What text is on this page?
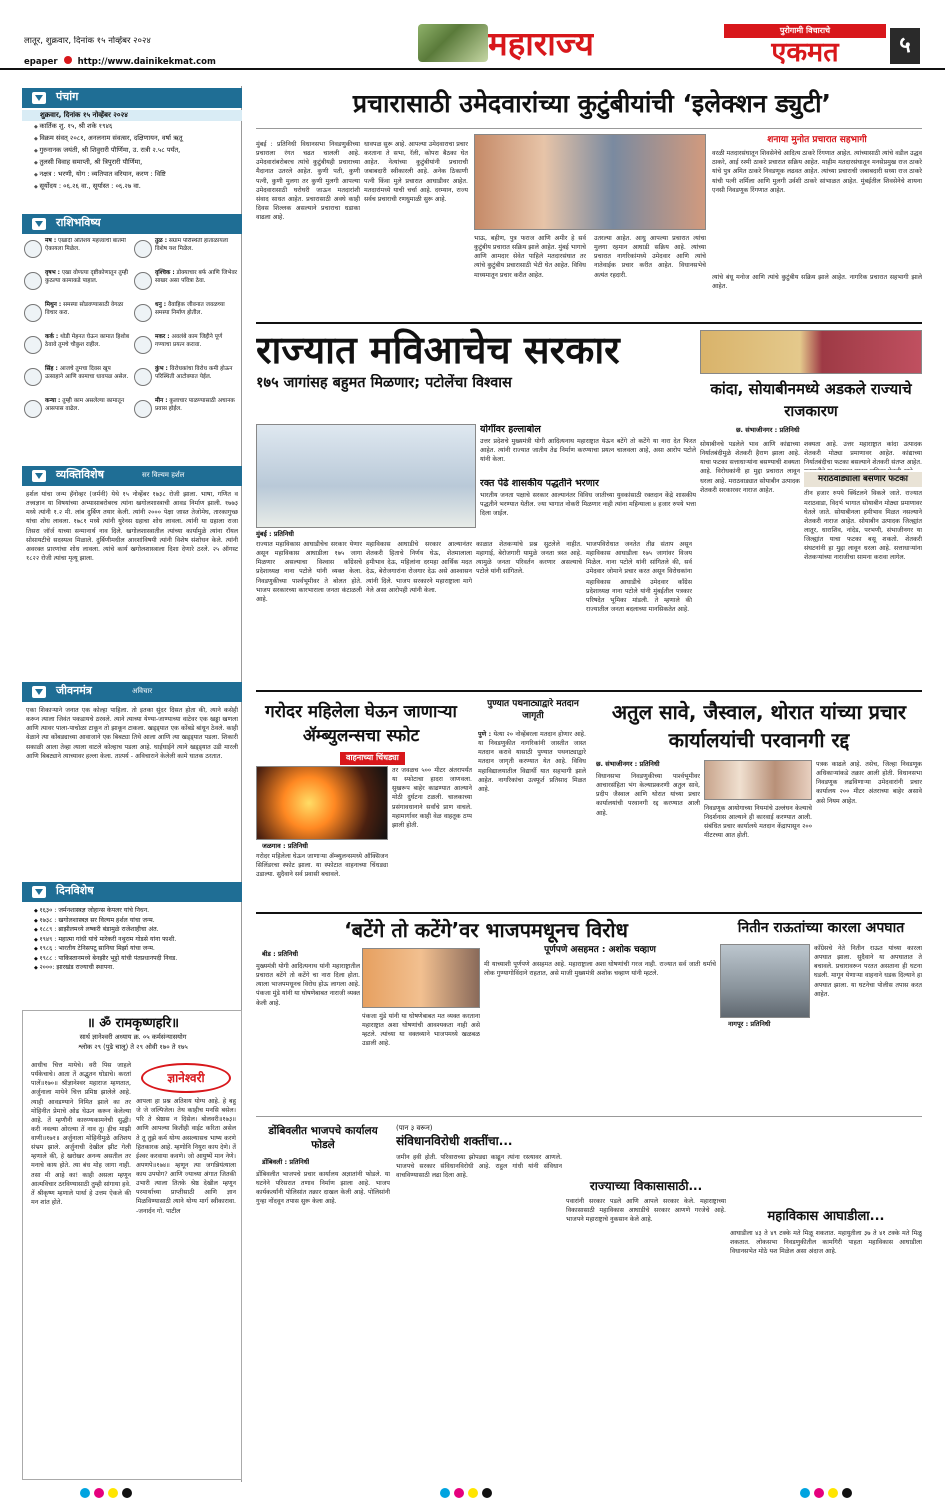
लातूर, शुक्रवार, दिनांक १५ नोव्हेंबर २०२४
epaper http://www.dainikekmat.com	महाराज्य	पुरोगामी विचाराचे
एकमत	५
पंचांग
शुक्रवार, दिनांक १५ नोव्हेंबर २०२४
◆ कार्तिक शु. १५, श्री शके १९४६
◆ विक्रम संवत् २०८१, अनलनाम संवत्सर, दक्षिणायन, वर्षा ऋतू
◆ गुरुनानक जयंती, श्री शिवुरारी पौर्णिमा, उ. रात्री २.५८ पर्यंत,
◆ तुलसी विवाह समाप्ती, श्री त्रिपुरारी पौर्णिमा,
◆ नक्षत्र : भरणी, योग : व्यतिपात वरियान, करण : विष्टि
◆ सूर्योदय : ०६.२६ वा., सूर्यास्त : ०६.२७ वा.
राशिभविष्य
मेष : एखादी अतिशय महत्त्वाची बातमी ऐकायला मिळेल.
तुळ : संग्राम परिस्थिती हाताळायला विशेष यश मिळेल.
वृषभ : एखा वोणत्या दृष्टीकोणातून तुम्ही कुठल्या कामाकडे पाहाल.
वृश्चिक : डोक्याचार बर्फ आणि जिभेवर साखर असा पवित्रा ठेवा.
मिथुन : समस्या सोडवण्यासाठी वेगळा विचार करा.
धनु : वैवाहिक जीवनात जवळच्या समस्या निर्माण होतील.
कर्क : थोडी मेहनत घेऊन कामात हिशोब ठेवावे तुमचे चौकुश राहील.
मकर : अवलंबे काम जिद्दीने पूर्ण गण्याचा प्रयत्न करावा.
सिंह : आजचे तुमचा दिवस खूप उत्साहाने आणि कामाचा धावपळ असेल.
कुंभ : विरोधकांचा विरोध कमी होऊन परिस्थिती आटोक्यात येईल.
कन्या : तुम्ही काम असलेल्या कामातून आसपास वाढेल.
मीन : कुलाचार पाळण्यासाठी अचानक प्रवास होईल.
व्यक्तिविशेष	सर विल्यम हर्शल
हर्शल यांचा जन्म हॅनोव्हर (जर्मनी) येथे १५ नोव्हेंबर १७३८ रोजी झाला. भाषा, गणित व तत्त्वज्ञान या विषयांच्या अभ्यासाबरोबरच त्यांना खगोलशास्त्राची आवड निर्माण झाली. १७७३ मध्ये त्यांनी १.२ मी. लांब दुर्बिण तयार केली. त्यांनी २००० पेक्षा जास्त तेजोमेघ, तारकागुच्छ यांचा शोध लावला. १७८१ मध्ये त्यांनी युरेनस ग्रहाचा शोध लावला. त्यांनी या ग्रहाला राजा तिसरा जॉर्ज याच्या सन्मानार्थ नाव दिले. खगोलशास्त्रातील त्यांच्या कार्यामुळे त्यांना रॉयल सोसायटीचे सदस्यत्व मिळाले. दुर्बिणीमधील आरशांविषयी त्यांनी विशेष संशोधन केले. त्यांनी अवरक्त प्रारणांचा शोध लावला. त्यांचे कार्य खगोलशास्त्राला दिशा देणारे ठरले. २५ ऑगस्ट १८२२ रोजी त्यांचा मृत्यू झाला.
जीवनमंत्र	अविचार
एका शिकाऱ्याने जनात एक कोल्हा पाहिला. तो इतका सुंदर दिसत होता की, त्याने कसेही करून त्याला जिवंत पकडायचे ठरवले. त्याने त्याच्या येण्या-जाण्याच्या वाटेवर एक खड्डा खणला आणि त्यावर पाला-पाचोळा टाकून तो झाकून टाकला. खड्ड्यात एक कोंबडे बांधून ठेवले. काही वेळाने त्या कोंबड्याच्या आवाजाने एक बिबट्या तिथे आला आणि त्या खड्ड्यात पडला. शिकारी सकाळी आला तेव्हा त्याला वाटले कोल्हाच पडला आहे. घाईघाईने त्याने खड्ड्यात उडी मारली आणि बिबट्याने त्याच्यावर हल्ला केला. तात्पर्य - अविचाराने केलेली कामे घातक ठरतात.
दिनविशेष
◆ १६३० : जर्मनशास्त्रज्ञ जोहान्स केपलर यांचे निधन.
◆ १७३८ : खगोलशास्त्रज्ञ सर विल्यम हर्शल यांचा जन्म.
◆ १८८९ : ब्राझीलमध्ये लष्करी बंडामुळे राजेशाहीचा अंत.
◆ १९४९ : महात्मा गांधी यांचे मारेकरी नथुराम गोडसे यांना फाशी.
◆ १९८६ : भारतीय टेनिसपटू सानिया मिर्झा यांचा जन्म.
◆ १९८८ : पाकिस्तानमध्ये बेनझीर भुट्टो यांची पंतप्रधानपदी निवड.
◆ २०००: झारखंड राज्याची स्थापना.
॥ ॐ रामकृष्णहरि॥
सार्थ ज्ञानेश्वरी अध्याय क्र. ०५ कर्मसंन्यासयोग
श्लोक २९ (पुढे चालू) ते २९ ओवी १७० ते १७५
आधीच चित्त मायेचे। वरी पिस जाहले पर्यंकेचाचे। आता तें अद्भुतन घोडाचे। करतां पालें॥१७०॥ श्रीज्ञानेश्वर महाराज म्हणतात, अर्जुनाला मायेने चित्त प्रमिष्ठ झालेले आहे. त्याही आवडण्याने निमित झाले का तर मोहिनीत प्रेमाचे ओढ घेऊन करून केलेल्या आहे. तें म्हणौनी कारुण्यकामनेची सुद्धी। करी नवल्या ओरल्या तें नाव तू। हीच माझी वाणी॥१७१॥ अर्जुनाला मोहिनीमुळे अतिशय संभ्रम झाले. अर्जुनाची देखील झीट गेली म्हणाले की, हे खरोखर अनन्य असतील तर मनाचे काय होते. त्या बंध मोह जागा नाही. तसा मी आहे का! काही असला म्हणून आत्मविचार ठरविण्यासाठी तुम्ही सांगाया हवे. तें श्रीकृष्ण म्हणाले पार्था हे उत्तम ऐकले की मन शांत होते.
ज्ञानेश्वरी
आपला हा प्रश्न अतिशय योग्य आहे. हे बहु जे जे जल्पिजेल। तेथ काहीच मनसि बसेल। परि ते श्रेष्ठास न दिसेल। बोलवरी॥१७३॥ आणि आपल्या कितीही वाईट करिता असेल ते तू तुझे कर्म योग्य असल्यासच भाष्य करणे हितकारक आहे. म्हणोनि नियुरा काय देणे। तें ईश्वर करवाया कवणे। जो आयुष्यें मान नेणे। अपणपे॥१७४॥ म्हणून त्या जगन्नियंत्याला काय उपयोग? आणि ज्याच्या अंगात जितकी उभारी त्याला तितके श्रेष्ठ देखील म्हणून परमार्थाच्या प्राप्तीसाठी आणि ज्ञान मिळविण्यासाठी त्याने योग्य मार्ग स्वीकारावा. -जनार्दन गो. पाटील
प्रचारासाठी उमेदवारांच्या कुटुंबीयांची ‘इलेक्शन ड्युटी’
मुंबई : प्रतिनिधी विधानसभा निवडणुकीच्या प्रचाराला रंगत चढत चालली आहे. उमेदवारांबरोबरच त्यांचे कुटुंबीयही प्रचाराच्या मैदानात उतरले आहेत. कुणी पती, कुणी पत्नी, कुणी मुलगा तर कुणी मुलगी आपल्या उमेदवारासाठी घरोघरी जाऊन मतदारांशी संवाद साधत आहेत. प्रचारासाठी अवघे काही दिवस शिल्लक असल्याने प्रचाराचा धडाका वाढला आहे.
धावपळ सुरू आहे. आपल्या उमेदवाराचा प्रचार करताना ते सभा, रॅली, कोपरा बैठका घेत आहेत. नेत्यांच्या कुटुंबीयांनी प्रचाराची जबाबदारी स्वीकारली आहे. अनेक ठिकाणी पत्नी किंवा मुले प्रचारात आघाडीवर आहेत. मतदारांमध्ये याची चर्चा आहे. दरम्यान, राज्य सर्वच प्रचाराची रणधुमाळी सुरू आहे.
भाऊ, बहीण, पुत्र फराज आणि अमीर हे सर्व कुटुंबीय प्रचारात सक्रिय झाले आहेत. मुंबई भागाचे आणि आमदार सेवेत पाहिले मतदारसंघात तर त्यांचे कुटुंबीय प्रचारासाठी भेटी घेत आहेत. विविध माध्यमातून प्रचार करीत आहेत.
उतरल्या आहेत. आधु आपल्या प्रचारात त्यांचा मुलगा रहमान आघाडी सक्रिय आहे. त्यांच्या प्रचारात नागरिकांमध्ये उमेदवार आणि त्यांचे नातेवाईक प्रचार करीत आहेत. विधानसभेचे अत्यंत रहदारी.
शनाया मुनोत प्रचारात सहभागी
वरळी मतदारसंघातून शिवसेनेचे आदित्य ठाकरे रिंगणात आहेत. त्यांच्यासाठी त्यांचे वडील उद्धव ठाकरे, आई रश्मी ठाकरे प्रचारात सक्रिय आहेत. माहीम मतदारसंघातून मनसेप्रमुख राज ठाकरे यांचे पुत्र अमित ठाकरे निवडणूक लढवत आहेत. त्यांच्या प्रचाराची जबाबदारी सध्या राज ठाकरे यांची पत्नी शर्मिला आणि मुलगी उर्वशी ठाकरे सांभाळत आहेत. मुंबईतील शिवसेनेचे शायना एनसी निवडणूक रिंगणात आहेत.
त्यांचे बंधू मनोज आणि त्यांचे कुटुंबीय सक्रिय झाले आहेत. नागरिक प्रचारात सहभागी झाले आहेत.
राज्यात मविआचेच सरकार
१७५ जागांसह बहुमत मिळणार; पटोलेंचा विश्वास
योगींवर हल्लाबोल
उत्तर प्रदेशचे मुख्यमंत्री योगी आदित्यनाथ महाराष्ट्रात येऊन बटेंगे तो कटेंगे या नारा देत फिरत आहेत. त्यांनी राज्यात जातीय तेढ निर्माण करण्याचा प्रयत्न चालवला आहे, असा आरोप पटोले यांनी केला.
रक्त पेढे शासकीय पद्धतीने भरणार
भारतीय जनता पक्षाचे सरकार आल्यानंतर विविध जातीच्या युवकांसाठी रक्तदान केंद्रे शासकीय पद्धतीने भरण्यात येतील. ज्या भागात नोकरी मिळणार नाही त्यांना महिन्याला ४ हजार रुपये भत्ता दिला जाईल.
मुंबई : प्रतिनिधी
राज्यात महाविकास आघाडीचेच सरकार येणार असून महाविकास आघाडीला १७५ जागा मिळणार असल्याचा विश्वास काँग्रेसचे प्रदेशाध्यक्ष नाना पटोले यांनी व्यक्त केला. निवडणुकीच्या पार्श्वभूमीवर ते बोलत होते. भाजप सरकारच्या कारभाराला जनता कंटाळली आहे.
महाविकास आघाडीचे सरकार आल्यानंतर शेतकरी हिताचे निर्णय घेऊ, शेतमालाला हमीभाव देऊ, महिलांना दरमहा आर्थिक मदत देऊ, बेरोजगारांना रोजगार देऊ असे आश्वासन त्यांनी दिले. भाजप सरकारने महाराष्ट्राला मागे नेले असा आरोपही त्यांनी केला.
काळात शेतकऱ्यांचे प्रश्न सुटलेले नाहीत. महागाई, बेरोजगारी यामुळे जनता त्रस्त आहे. त्यामुळे जनता परिवर्तन करणार असल्याचे पटोले यांनी सांगितले.
महाविकास आघाडीचे उमेदवार काँग्रेस प्रदेशाध्यक्ष नाना पटोले यांनी मुंबईतील पत्रकार परिषदेत भूमिका मांडली. ते म्हणाले की राज्यातील जनता बदलाच्या मानसिकतेत आहे.
कांदा, सोयाबीनमध्ये अडकले राज्याचे राजकारण
छ. संभाजीनगर : प्रतिनिधी
सोयाबीनचे पडलेले भाव आणि कांद्याच्या निर्यातबंदीमुळे शेतकरी हैराण झाला आहे. याचा फटका सत्ताधाऱ्यांना बसण्याची शक्यता आहे. विरोधकांनी हा मुद्दा प्रचारात लावून धरला आहे. मराठवाड्यात सोयाबीन उत्पादक शेतकरी सरकारवर नाराज आहेत.
शक्यता आहे. उत्तर महाराष्ट्रात कांदा उत्पादक शेतकरी मोठ्या प्रमाणावर आहेत. कांद्याच्या निर्यातबंदीचा फटका बसल्याने शेतकरी संतप्त आहेत.
मराठवाड्याला बसणार फटका
तीन हजार रुपये क्विंटलने विकले जाते. राज्यात मराठवाडा, विदर्भ भागात सोयाबीन मोठ्या प्रमाणावर घेतले जाते. सोयाबीनला हमीभाव मिळत नसल्याने शेतकरी नाराज आहेत. सोयाबीन उत्पादक जिल्ह्यांत लातूर, धाराशिव, नांदेड, परभणी, संभाजीनगर या जिल्ह्यांत याचा फटका बसू शकतो. शेतकरी संघटनांनी हा मुद्दा लावून धरला आहे. सत्ताधाऱ्यांना शेतकऱ्यांच्या नाराजीचा सामना करावा लागेल.
भाजपविरोधात जनतेत तीव्र संताप असून महाविकास आघाडीला १७५ जागांवर विजय मिळेल. नाना पटोले यांनी सांगितले की, सर्व उमेदवार जोमाने प्रचार करत असून विरोधकांना
गरोदर महिलेला घेऊन जाणाऱ्या ॲम्ब्युलन्सचा स्फोट
वाहनाच्या चिंधड्या
जळगाव : प्रतिनिधी
गरोदर महिलेला घेऊन जाणाऱ्या ॲम्ब्युलन्समध्ये ऑक्सिजन सिलिंडरचा स्फोट झाला. या स्फोटात वाहनाच्या चिंधड्या उडाल्या. सुदैवाने सर्व प्रवासी बचावले.
तर जवळच ५०० मीटर अंतरापर्यंत या स्फोटाचा हादरा जाणवला. सुखरूप बाहेर काढण्यात आल्याने मोठी दुर्घटना टळली. चालकाच्या प्रसंगावधानाने सर्वांचे प्राण वाचले. महामार्गावर काही वेळ वाहतूक ठप्प झाली होती.
पुण्यात पथनाट्याद्वारे मतदान जागृती
पुणे : येत्या २० नोव्हेंबरला मतदान होणार आहे. या निवडणुकीत नागरिकांनी जास्तीत जास्त मतदान करावे यासाठी पुण्यात पथनाट्याद्वारे मतदान जागृती करण्यात येत आहे. विविध महाविद्यालयातील विद्यार्थी यात सहभागी झाले आहेत. नागरिकांचा उत्स्फूर्त प्रतिसाद मिळत आहे.
अतुल सावे, जैस्वाल, थोरात यांच्या प्रचार कार्यालयांची परवानगी रद्द
छ. संभाजीनगर : प्रतिनिधी
विधानसभा निवडणुकीच्या पार्श्वभूमीवर आचारसंहिता भंग केल्याप्रकरणी अतुल सावे, प्रदीप जैस्वाल आणि थोरात यांच्या प्रचार कार्यालयांची परवानगी रद्द करण्यात आली आहे.
निवडणूक आयोगाच्या नियमांचे उल्लंघन केल्याचे निदर्शनास आल्याने ही कारवाई करण्यात आली. संबंधित प्रचार कार्यालये मतदान केंद्रापासून २०० मीटरच्या आत होती.
पत्रक काढले आहे. तसेच, जिल्हा निवडणूक अधिकाऱ्यांकडे तक्रार आली होती. विधानसभा निवडणूक लढविणाऱ्या उमेदवारांनी प्रचार कार्यालय २०० मीटर अंतराच्या बाहेर असावे असे नियम आहेत.
‘बटेंगे तो कटेंगे’वर भाजपमधूनच विरोध
बीड : प्रतिनिधी
मुख्यमंत्री योगी आदित्यनाथ यांनी महाराष्ट्रातील प्रचारात बटेंगे तो कटेंगे चा नारा दिला होता. त्याला भाजपमधूनच विरोध होऊ लागला आहे. पंकजा मुंडे यांनी या घोषणेबाबत नाराजी व्यक्त केली आहे.
पंकजा मुंडे यांनी या घोषणेबाबत मत व्यक्त करताना महाराष्ट्रात अशा घोषणांची आवश्यकता नाही असे म्हटले. त्यांच्या या वक्तव्याने भाजपमध्ये खळबळ उडाली आहे.
पूर्णपणे असहमत : अशोक चव्हाण
मी याच्याशी पूर्णपणे असहमत आहे. महाराष्ट्राला अशा घोषणांची गरज नाही. राज्यात सर्व जाती धर्माचे लोक गुण्यागोविंदाने राहतात, असे माजी मुख्यमंत्री अशोक चव्हाण यांनी म्हटले.
नितीन राऊतांच्या कारला अपघात
नागपूर : प्रतिनिधी
काँग्रेसचे नेते नितीन राऊत यांच्या कारला अपघात झाला. सुदैवाने या अपघातात ते बचावले. प्रचारावरून परतत असताना ही घटना घडली. मागून येणाऱ्या वाहनाने धडक दिल्याने हा अपघात झाला. या घटनेचा पोलीस तपास करत आहेत.
डोंबिवलीत भाजपचे कार्यालय फोडले
डोंबिवली : प्रतिनिधी
डोंबिवलीत भाजपचे प्रचार कार्यालय अज्ञातांनी फोडले. या घटनेने परिसरात तणाव निर्माण झाला आहे. भाजप कार्यकर्त्यांनी पोलिसांत तक्रार दाखल केली आहे. पोलिसांनी गुन्हा नोंदवून तपास सुरू केला आहे.
(पान ३ वरून)
संविधानविरोधी शक्तींचा...
जमीन हवी होती. परिवाराच्या झोपड्या काढून त्यांना रस्त्यावर आणले. भाजपचे सरकार संविधानविरोधी आहे. राहुल गांधी यांनी संविधान वाचविण्यासाठी लढा दिला आहे.
राज्याच्या विकासासाठी...
पवारांनी सरकार पडले आणि आपले सरकार केले. महाराष्ट्राच्या विकासासाठी महाविकास आघाडीचे सरकार आणणे गरजेचे आहे. भाजपने महाराष्ट्राचे नुकसान केले आहे.	महाविकास आघाडीला...
आघाडीला ४३ ते ४९ टक्के मते मिळू शकतात. महायुतीला ३७ ते ४१ टक्के मते मिळू शकतात. लोकसभा निवडणुकीतील कामगिरी पाहता महाविकास आघाडीला विधानसभेत मोठे यश मिळेल असा अंदाज आहे.
